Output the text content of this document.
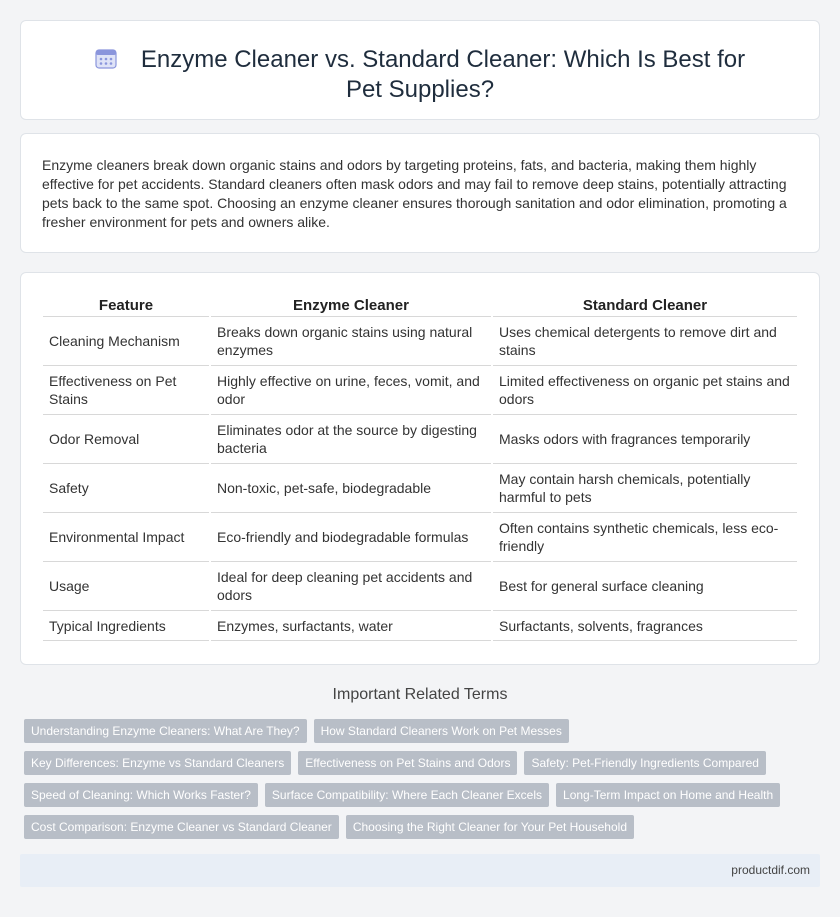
Enzyme Cleaner vs. Standard Cleaner: Which Is Best for Pet Supplies?

Enzyme cleaners break down organic stains and odors by targeting proteins, fats, and bacteria, making them highly effective for pet accidents. Standard cleaners often mask odors and may fail to remove deep stains, potentially attracting pets back to the same spot. Choosing an enzyme cleaner ensures thorough sanitation and odor elimination, promoting a fresher environment for pets and owners alike.

Feature	Enzyme Cleaner	Standard Cleaner
Cleaning Mechanism	Breaks down organic stains using natural enzymes	Uses chemical detergents to remove dirt and stains
Effectiveness on Pet Stains	Highly effective on urine, feces, vomit, and odor	Limited effectiveness on organic pet stains and odors
Odor Removal	Eliminates odor at the source by digesting bacteria	Masks odors with fragrances temporarily
Safety	Non-toxic, pet-safe, biodegradable	May contain harsh chemicals, potentially harmful to pets
Environmental Impact	Eco-friendly and biodegradable formulas	Often contains synthetic chemicals, less eco-friendly
Usage	Ideal for deep cleaning pet accidents and odors	Best for general surface cleaning
Typical Ingredients	Enzymes, surfactants, water	Surfactants, solvents, fragrances
Important Related Terms
Understanding Enzyme Cleaners: What Are They? How Standard Cleaners Work on Pet Messes
Key Differences: Enzyme vs Standard Cleaners Effectiveness on Pet Stains and Odors Safety: Pet-Friendly Ingredients Compared
Speed of Cleaning: Which Works Faster? Surface Compatibility: Where Each Cleaner Excels Long-Term Impact on Home and Health
Cost Comparison: Enzyme Cleaner vs Standard Cleaner Choosing the Right Cleaner for Your Pet Household
productdif.com
